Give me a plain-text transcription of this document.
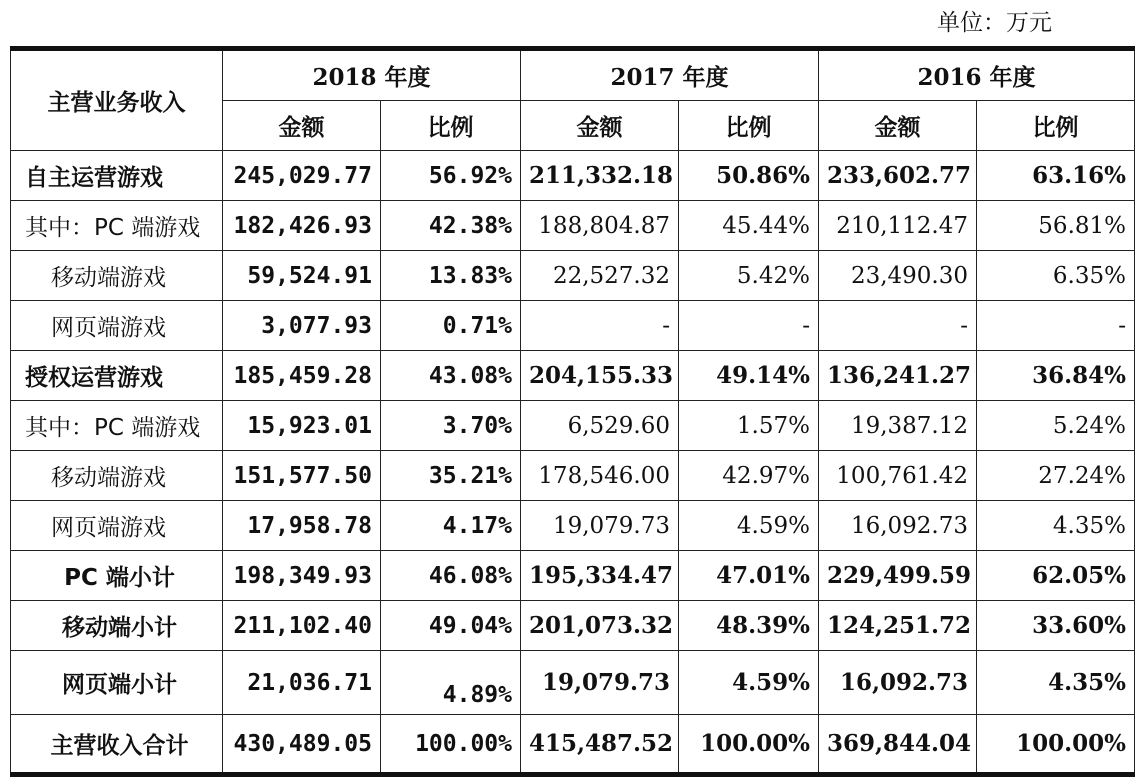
单位：万元
主营业务收入	2018 年度		2017 年度		2016 年度	
	金额	比例	金额	比例	金额	比例
自主运营游戏	245,029.77	56.92%	211,332.18	50.86%	233,602.77	63.16%
其中：PC 端游戏	182,426.93	42.38%	188,804.87	45.44%	210,112.47	56.81%
移动端游戏	59,524.91	13.83%	22,527.32	5.42%	23,490.30	6.35%
网页端游戏	3,077.93	0.71%	-	-	-	-
授权运营游戏	185,459.28	43.08%	204,155.33	49.14%	136,241.27	36.84%
其中：PC 端游戏	15,923.01	3.70%	6,529.60	1.57%	19,387.12	5.24%
移动端游戏	151,577.50	35.21%	178,546.00	42.97%	100,761.42	27.24%
网页端游戏	17,958.78	4.17%	19,079.73	4.59%	16,092.73	4.35%
PC 端小计	198,349.93	46.08%	195,334.47	47.01%	229,499.59	62.05%
移动端小计	211,102.40	49.04%	201,073.32	48.39%	124,251.72	33.60%
网页端小计	21,036.71	4.89%	19,079.73	4.59%	16,092.73	4.35%
主营收入合计	430,489.05	100.00%	415,487.52	100.00%	369,844.04	100.00%
